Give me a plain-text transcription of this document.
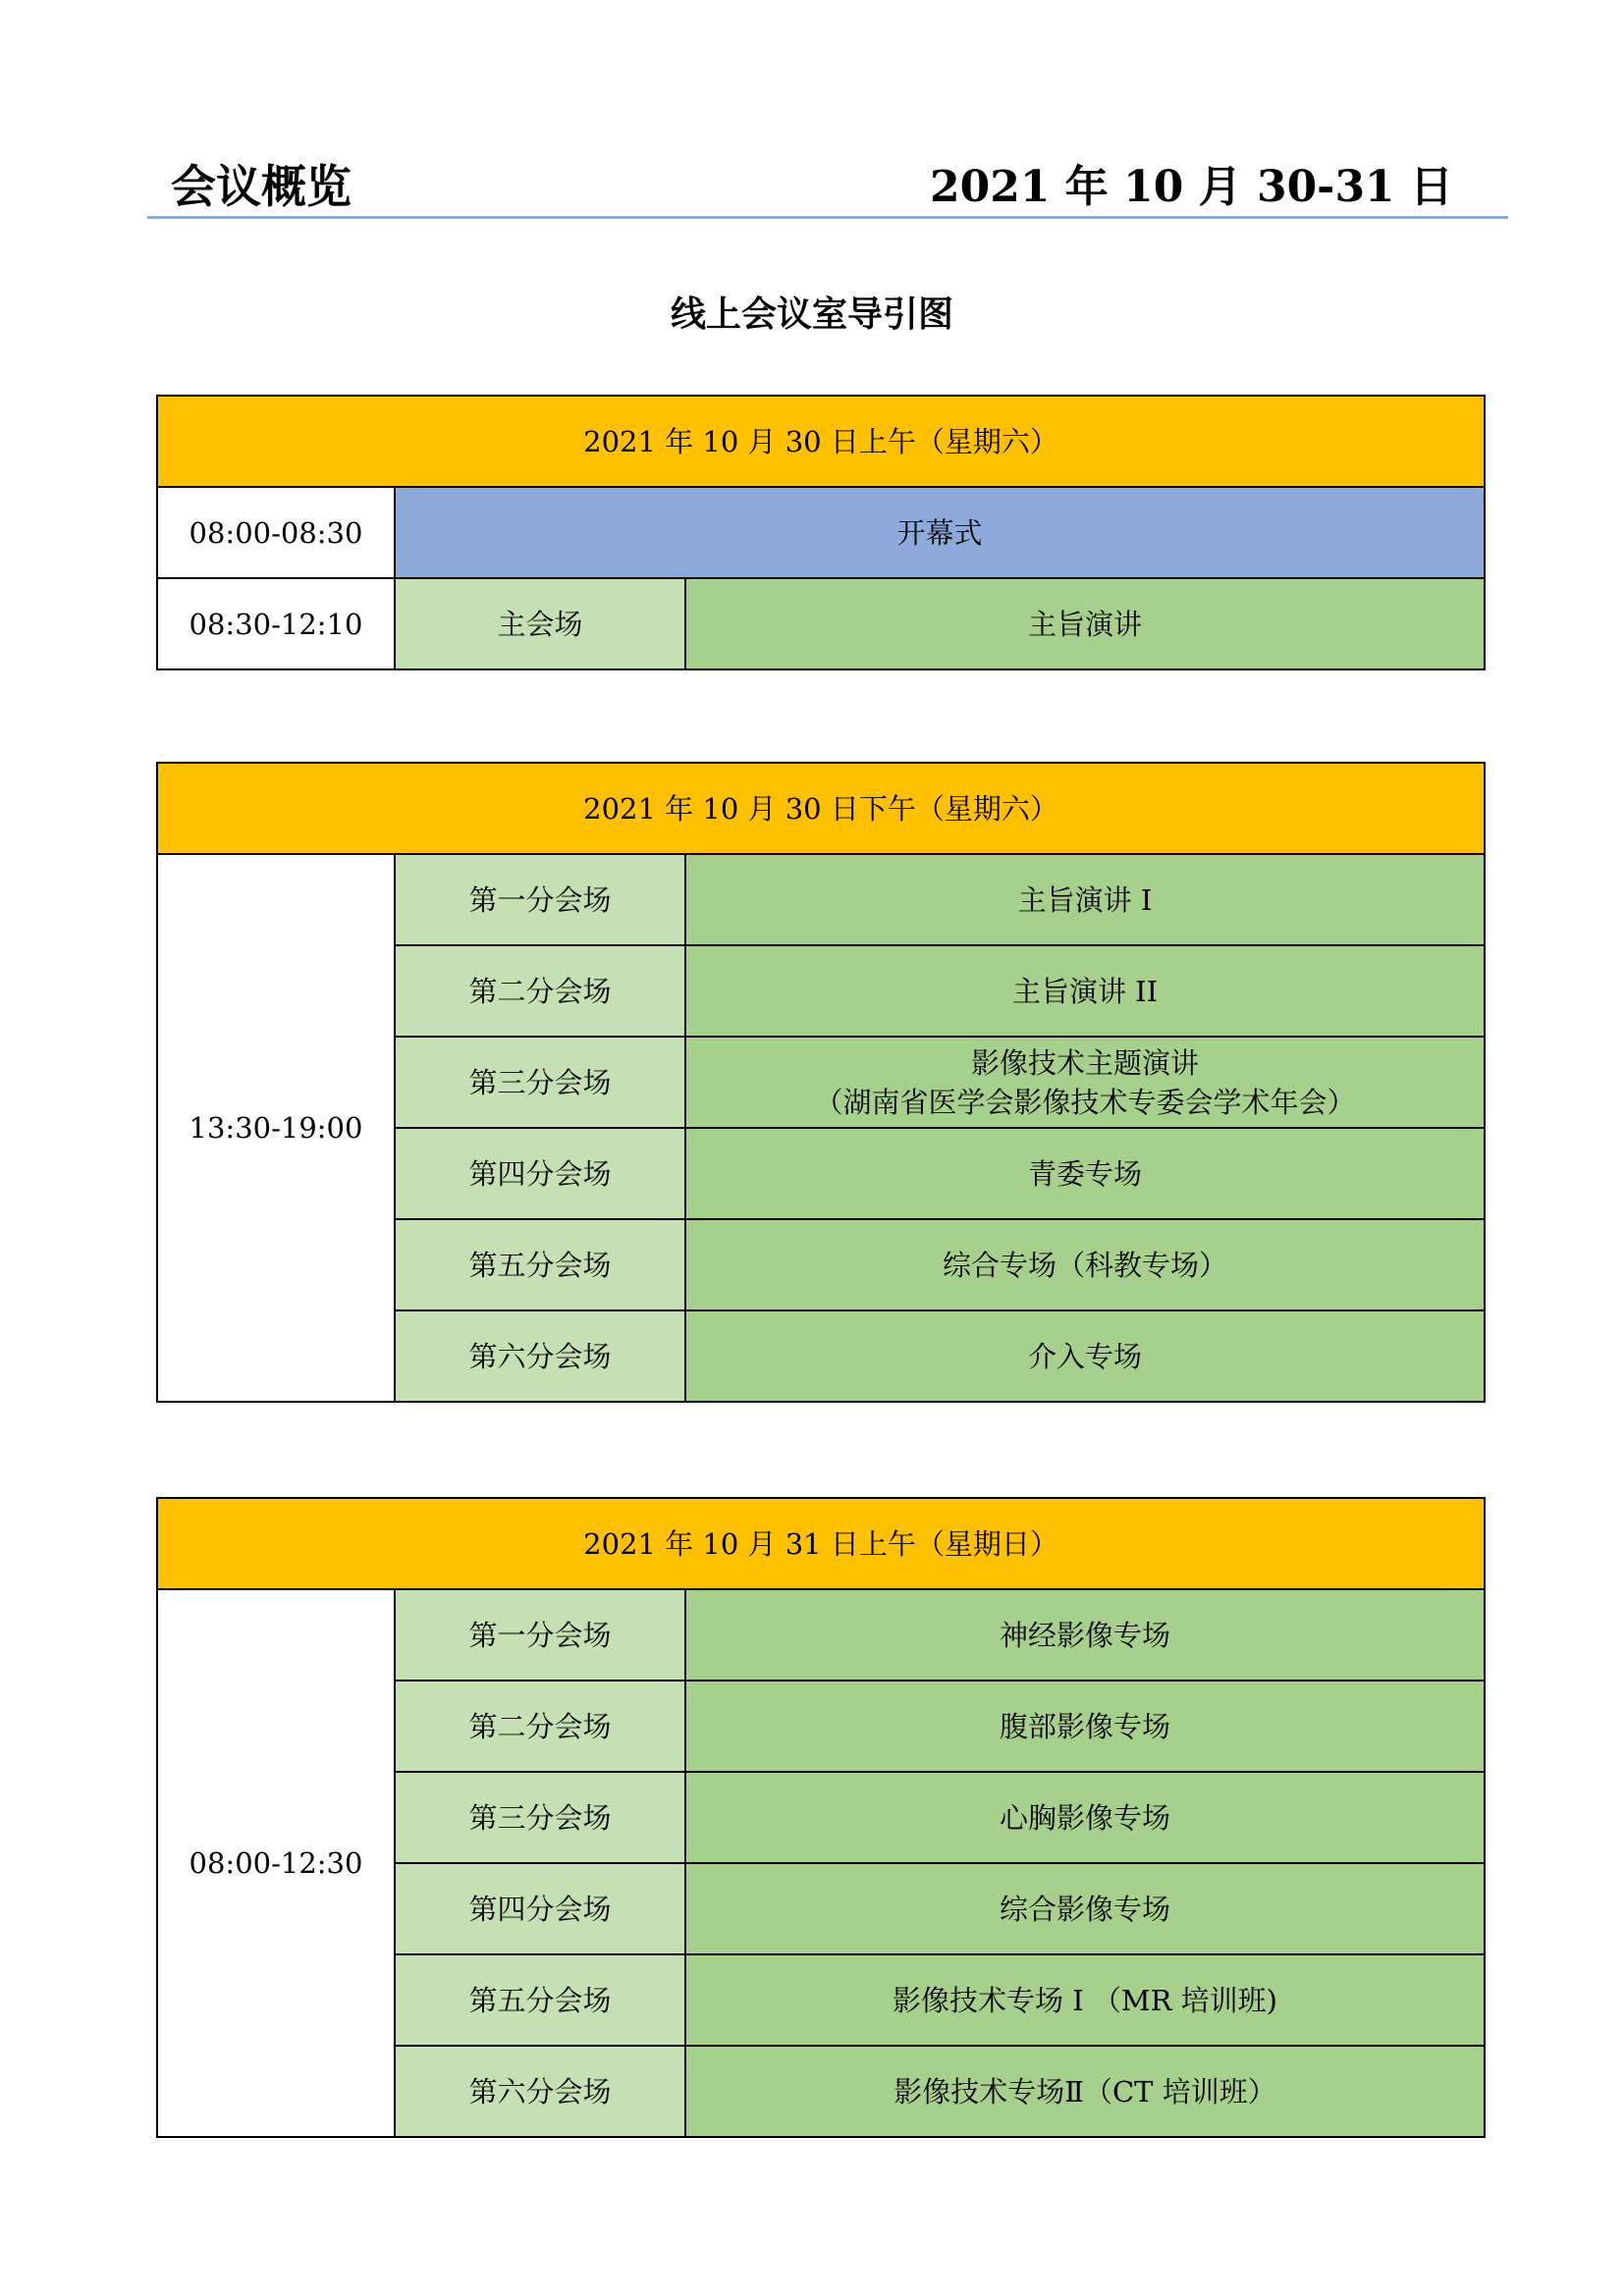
会议概览	2021 年 10 月 30-31 日
线上会议室导引图
2021 年 10 月 30 日上午（星期六）		
08:00-08:30	开幕式	
08:30-12:10	主会场	主旨演讲
2021 年 10 月 30 日下午（星期六）		
13:30-19:00	第一分会场	主旨演讲 I
	第二分会场	主旨演讲 II
	第三分会场	影像技术主题演讲
（湖南省医学会影像技术专委会学术年会）

	第四分会场	青委专场
	第五分会场	综合专场（科教专场）
	第六分会场	介入专场
2021 年 10 月 31 日上午（星期日）		
08:00-12:30	第一分会场	神经影像专场
	第二分会场	腹部影像专场
	第三分会场	心胸影像专场
	第四分会场	综合影像专场
	第五分会场	影像技术专场 I （MR 培训班)
	第六分会场	影像技术专场Ⅱ（CT 培训班）
